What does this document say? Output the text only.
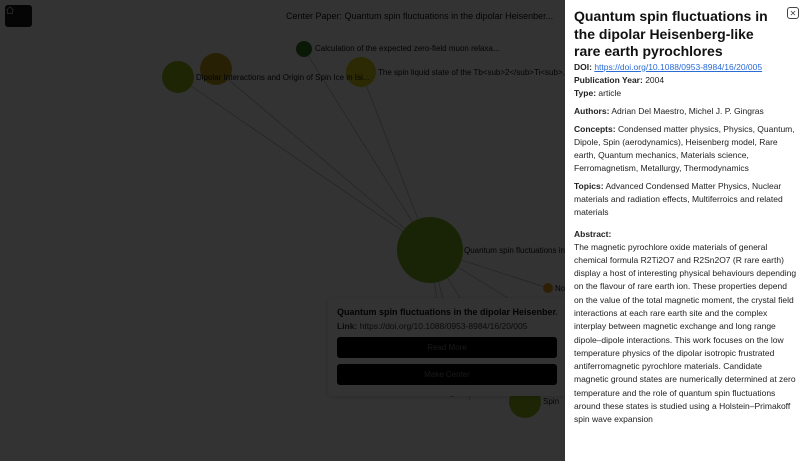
✕
Quantum spin fluctuations in the dipolar Heisenberg-like rare earth pyrochlores
DOI: https://doi.org/10.1088/0953-8984/16/20/005
Publication Year: 2004
Type: article
Authors: Adrian Del Maestro, Michel J. P. Gingras
Concepts: Condensed matter physics, Physics, Quantum, Dipole, Spin (aerodynamics), Heisenberg model, Rare earth, Quantum mechanics, Materials science, Ferromagnetism, Metallurgy, Thermodynamics
Topics: Advanced Condensed Matter Physics, Nuclear materials and radiation effects, Multiferroics and related materials
Abstract:
The magnetic pyrochlore oxide materials of general chemical formula R2Ti2O7 and R2Sn2O7 (R rare earth) display a host of interesting physical behaviours depending on the flavour of rare earth ion. These properties depend on the value of the total magnetic moment, the crystal field interactions at each rare earth site and the complex interplay between magnetic exchange and long range dipole–dipole interactions. This work focuses on the low temperature physics of the dipolar isotropic frustrated antiferromagnetic pyrochlore materials. Candidate magnetic ground states are numerically determined at zero temperature and the role of quantum spin fluctuations around these states is studied using a Holstein–Primakoff spin wave expansion
